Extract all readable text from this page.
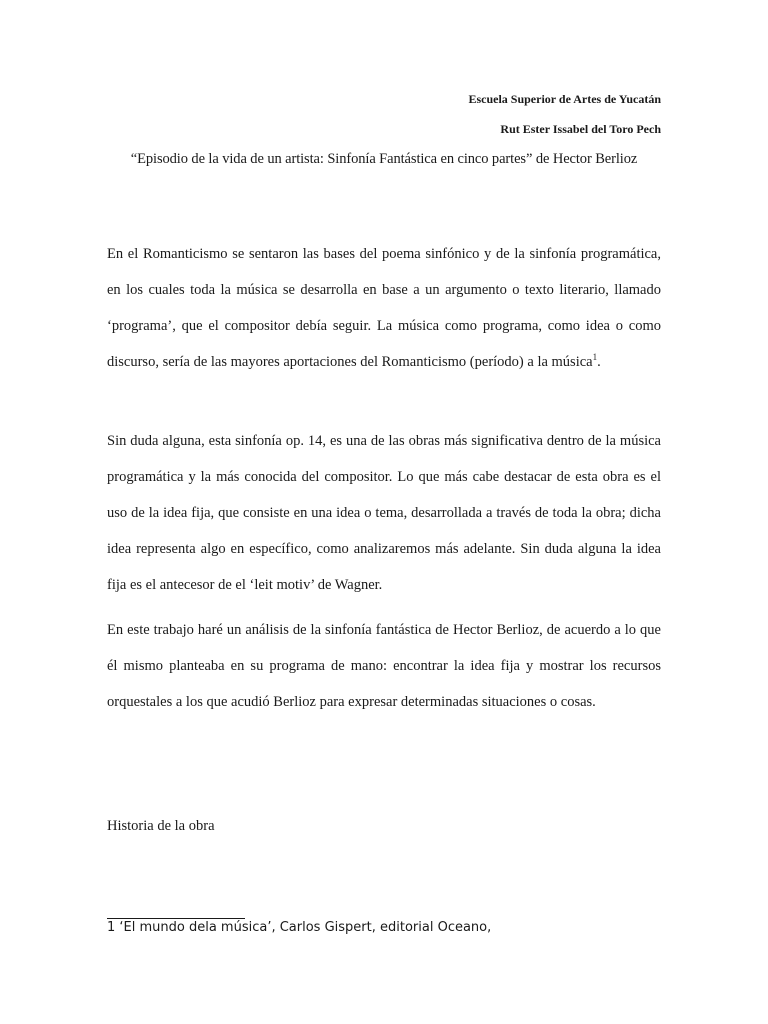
Escuela Superior de Artes de Yucatán
Rut Ester Issabel del Toro Pech
“Episodio de la vida de un artista: Sinfonía Fantástica en cinco partes” de Hector Berlioz

En el Romanticismo se sentaron las bases del poema sinfónico y de la sinfonía programática, en los cuales toda la música se desarrolla en base a un argumento o texto literario, llamado ‘programa’, que el compositor debía seguir. La música como programa, como idea o como discurso, sería de las mayores aportaciones del Romanticismo (período) a la música$^1$.

Sin duda alguna, esta sinfonía op. 14, es una de las obras más significativa dentro de la música programática y la más conocida del compositor. Lo que más cabe destacar de esta obra es el uso de la idea fija, que consiste en una idea o tema, desarrollada a través de toda la obra; dicha idea representa algo en específico, como analizaremos más adelante. Sin duda alguna la idea fija es el antecesor de el ‘leit motiv’ de Wagner.

En este trabajo haré un análisis de la sinfonía fantástica de Hector Berlioz, de acuerdo a lo que él mismo planteaba en su programa de mano: encontrar la idea fija y mostrar los recursos orquestales a los que acudió Berlioz para expresar determinadas situaciones o cosas.

Historia de la obra
1 ‘El mundo dela música’, Carlos Gispert, editorial Oceano,
